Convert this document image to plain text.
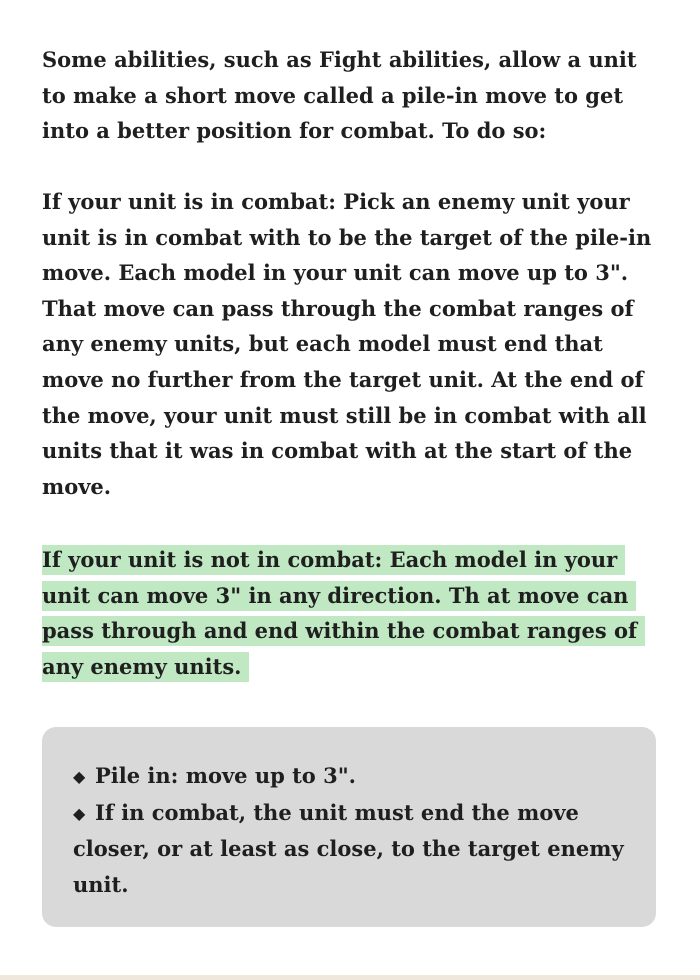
Some abilities, such as Fight abilities, allow a unit to make a short move called a pile-in move to get into a better position for combat. To do so:

If your unit is in combat: Pick an enemy unit your unit is in combat with to be the target of the pile-in move. Each model in your unit can move up to 3". That move can pass through the combat ranges of any enemy units, but each model must end that move no further from the target unit. At the end of the move, your unit must still be in combat with all units that it was in combat with at the start of the move.

If your unit is not in combat: Each model in your unit can move 3" in any direction. Th at move can pass through and end within the combat ranges of any enemy units.

◆ Pile in: move up to 3".
◆ If in combat, the unit must end the move closer, or at least as close, to the target enemy unit.
